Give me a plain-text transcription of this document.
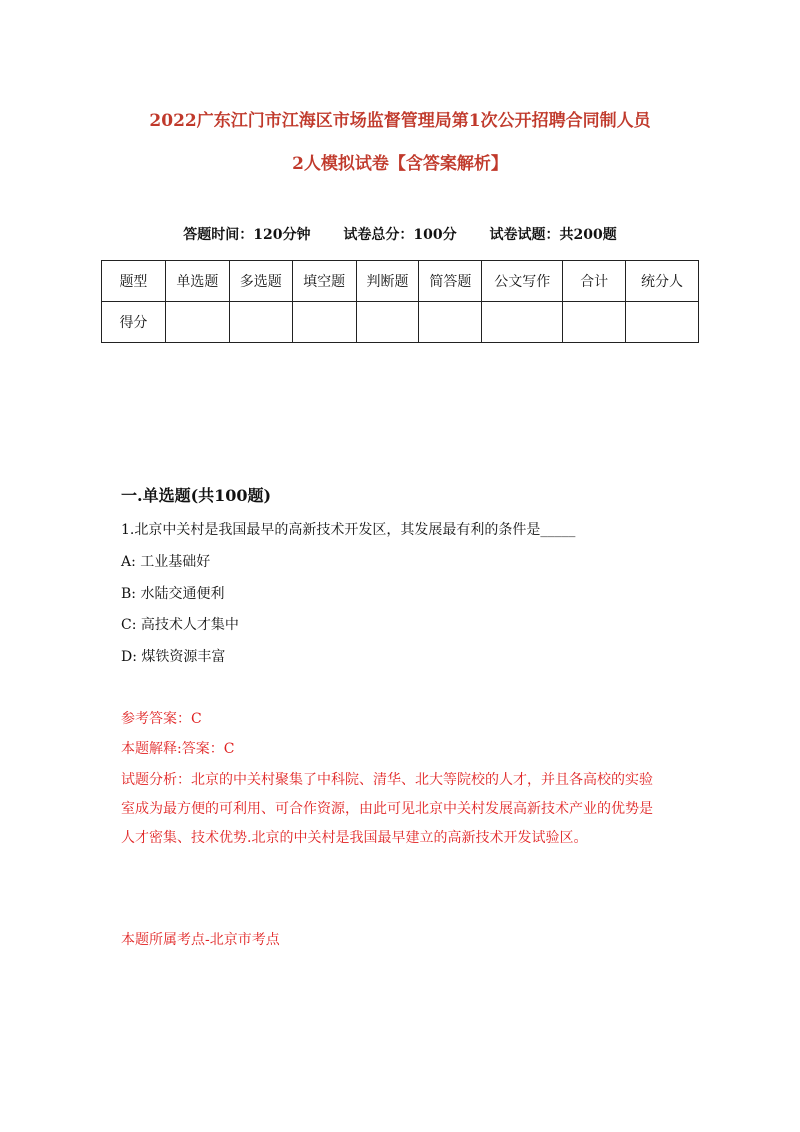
2022广东江门市江海区市场监督管理局第1次公开招聘合同制人员
2人模拟试卷【含答案解析】
答题时间：120分钟 试卷总分：100分 试卷试题：共200题
题型	单选题	多选题	填空题	判断题	简答题	公文写作	合计	统分人
得分								
一.单选题(共100题)
1.北京中关村是我国最早的高新技术开发区，其发展最有利的条件是_____
A: 工业基础好
B: 水陆交通便利
C: 高技术人才集中
D: 煤铁资源丰富
参考答案：C
本题解释:答案：C
试题分析：北京的中关村聚集了中科院、清华、北大等院校的人才，并且各高校的实验室成为最方便的可利用、可合作资源，由此可见北京中关村发展高新技术产业的优势是人才密集、技术优势.北京的中关村是我国最早建立的高新技术开发试验区。
本题所属考点-北京市考点
